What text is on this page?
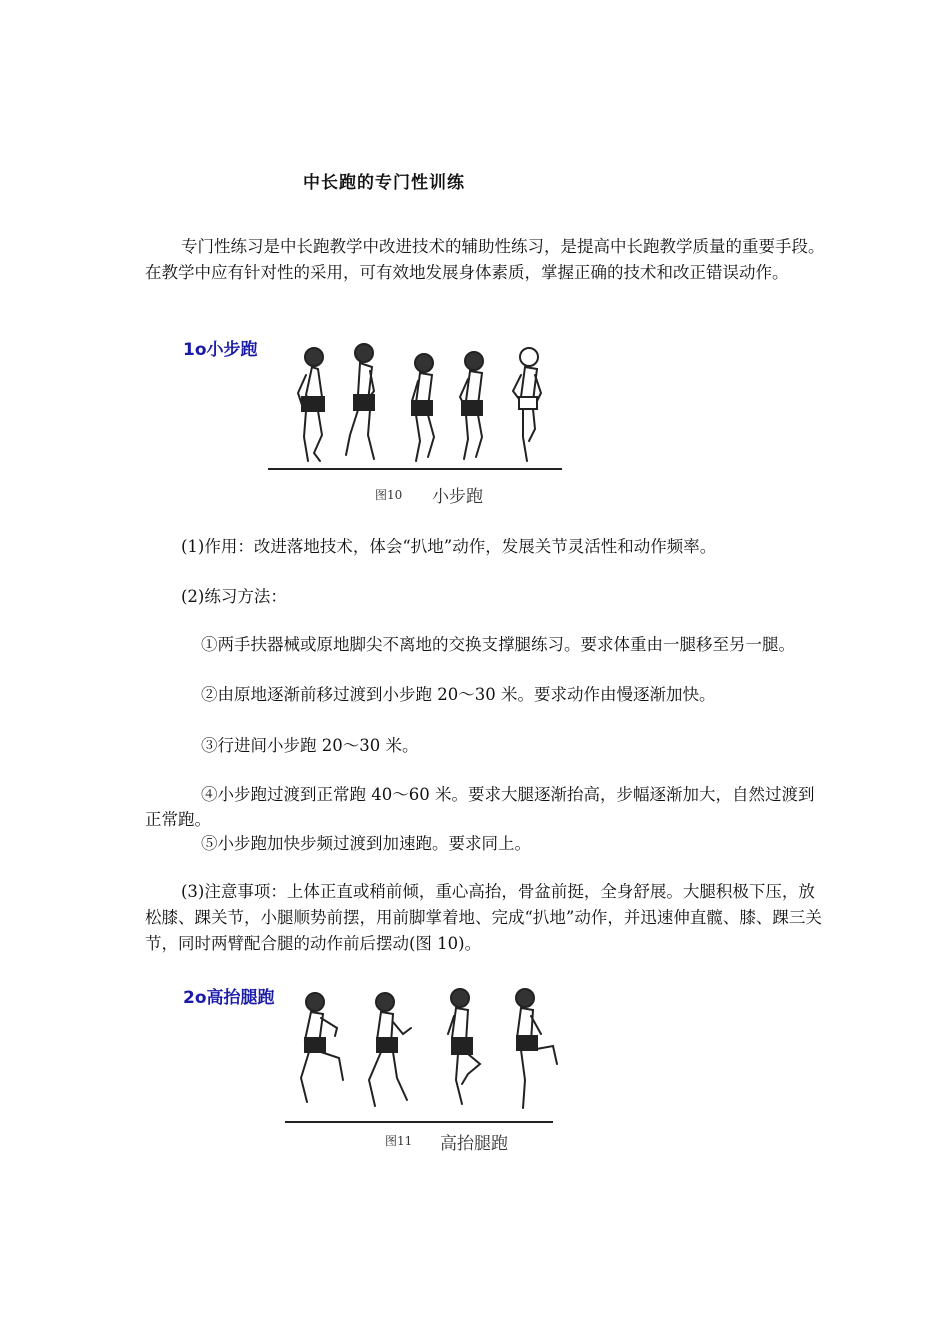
中长跑的专门性训练
专门性练习是中长跑教学中改进技术的辅助性练习，是提高中长跑教学质量的重要手段。在教学中应有针对性的采用，可有效地发展身体素质，掌握正确的技术和改正错误动作。
1o小步跑
图10 小步跑
(1)作用：改进落地技术，体会“扒地”动作，发展关节灵活性和动作频率。
(2)练习方法：
①两手扶器械或原地脚尖不离地的交换支撑腿练习。要求体重由一腿移至另一腿。
②由原地逐渐前移过渡到小步跑 20～30 米。要求动作由慢逐渐加快。
③行进间小步跑 20～30 米。
④小步跑过渡到正常跑 40～60 米。要求大腿逐渐抬高，步幅逐渐加大，自然过渡到正常跑。
⑤小步跑加快步频过渡到加速跑。要求同上。
(3)注意事项：上体正直或稍前倾，重心高抬，骨盆前挺，全身舒展。大腿积极下压，放松膝、踝关节，小腿顺势前摆，用前脚掌着地、完成“扒地”动作，并迅速伸直髋、膝、踝三关节，同时两臂配合腿的动作前后摆动(图 10)。
2o高抬腿跑
图11 高抬腿跑
